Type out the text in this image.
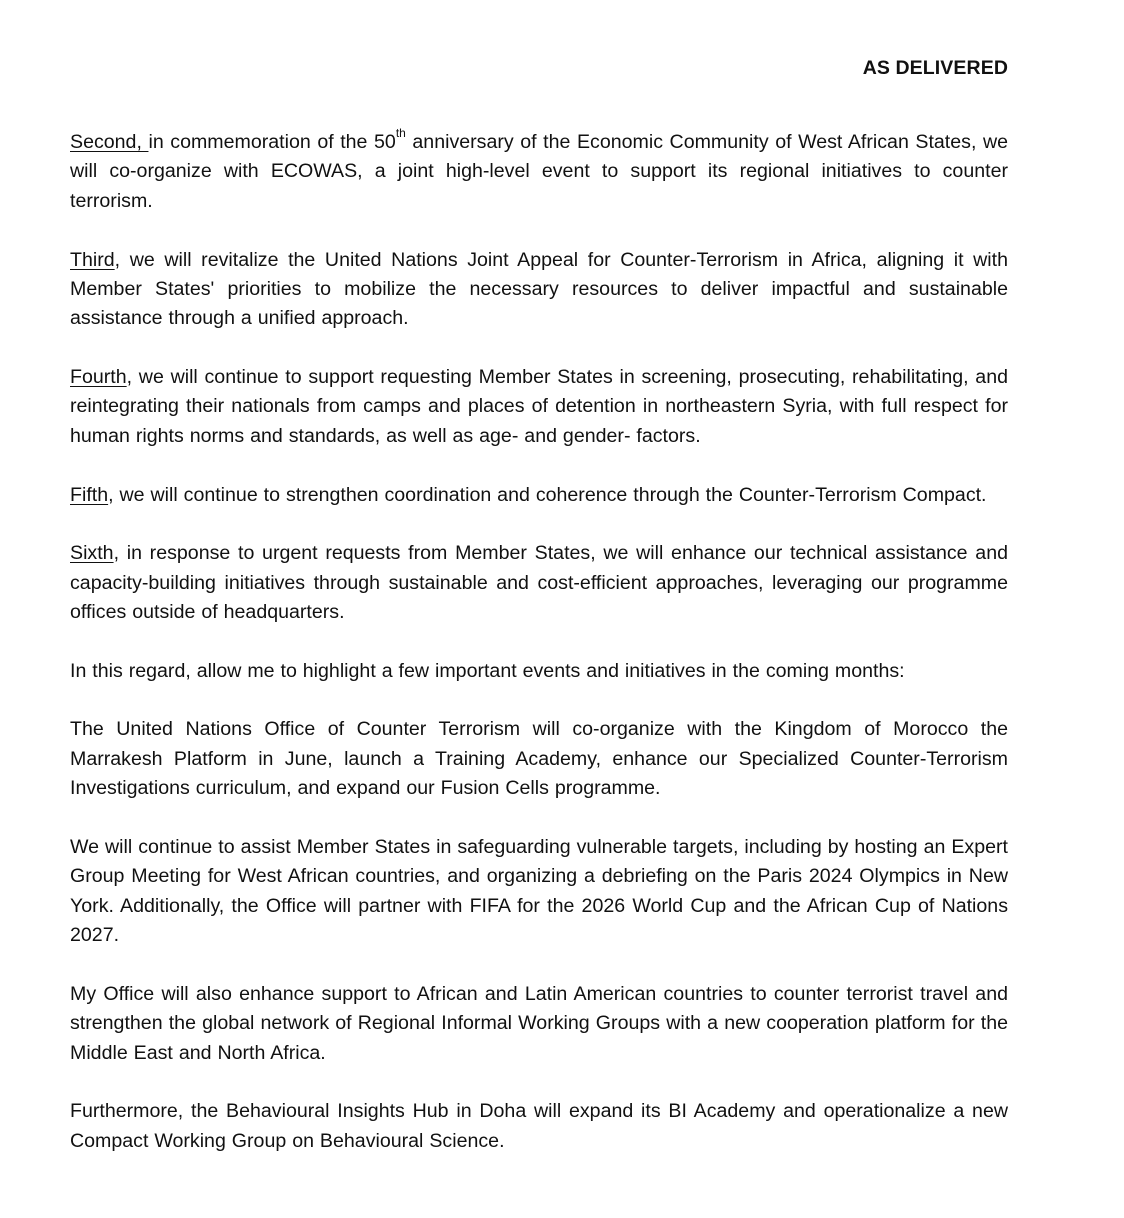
AS DELIVERED

Second, in commemoration of the 50th anniversary of the Economic Community of West African States, we will co-organize with ECOWAS, a joint high-level event to support its regional initiatives to counter terrorism.

Third, we will revitalize the United Nations Joint Appeal for Counter-Terrorism in Africa, aligning it with Member States' priorities to mobilize the necessary resources to deliver impactful and sustainable assistance through a unified approach.

Fourth, we will continue to support requesting Member States in screening, prosecuting, rehabilitating, and reintegrating their nationals from camps and places of detention in northeastern Syria, with full respect for human rights norms and standards, as well as age- and gender- factors.

Fifth, we will continue to strengthen coordination and coherence through the Counter-Terrorism Compact.

Sixth, in response to urgent requests from Member States, we will enhance our technical assistance and capacity-building initiatives through sustainable and cost-efficient approaches, leveraging our programme offices outside of headquarters.

In this regard, allow me to highlight a few important events and initiatives in the coming months:

The United Nations Office of Counter Terrorism will co-organize with the Kingdom of Morocco the Marrakesh Platform in June, launch a Training Academy, enhance our Specialized Counter-Terrorism Investigations curriculum, and expand our Fusion Cells programme.

We will continue to assist Member States in safeguarding vulnerable targets, including by hosting an Expert Group Meeting for West African countries, and organizing a debriefing on the Paris 2024 Olympics in New York. Additionally, the Office will partner with FIFA for the 2026 World Cup and the African Cup of Nations 2027.

My Office will also enhance support to African and Latin American countries to counter terrorist travel and strengthen the global network of Regional Informal Working Groups with a new cooperation platform for the Middle East and North Africa.

Furthermore, the Behavioural Insights Hub in Doha will expand its BI Academy and operationalize a new Compact Working Group on Behavioural Science.
